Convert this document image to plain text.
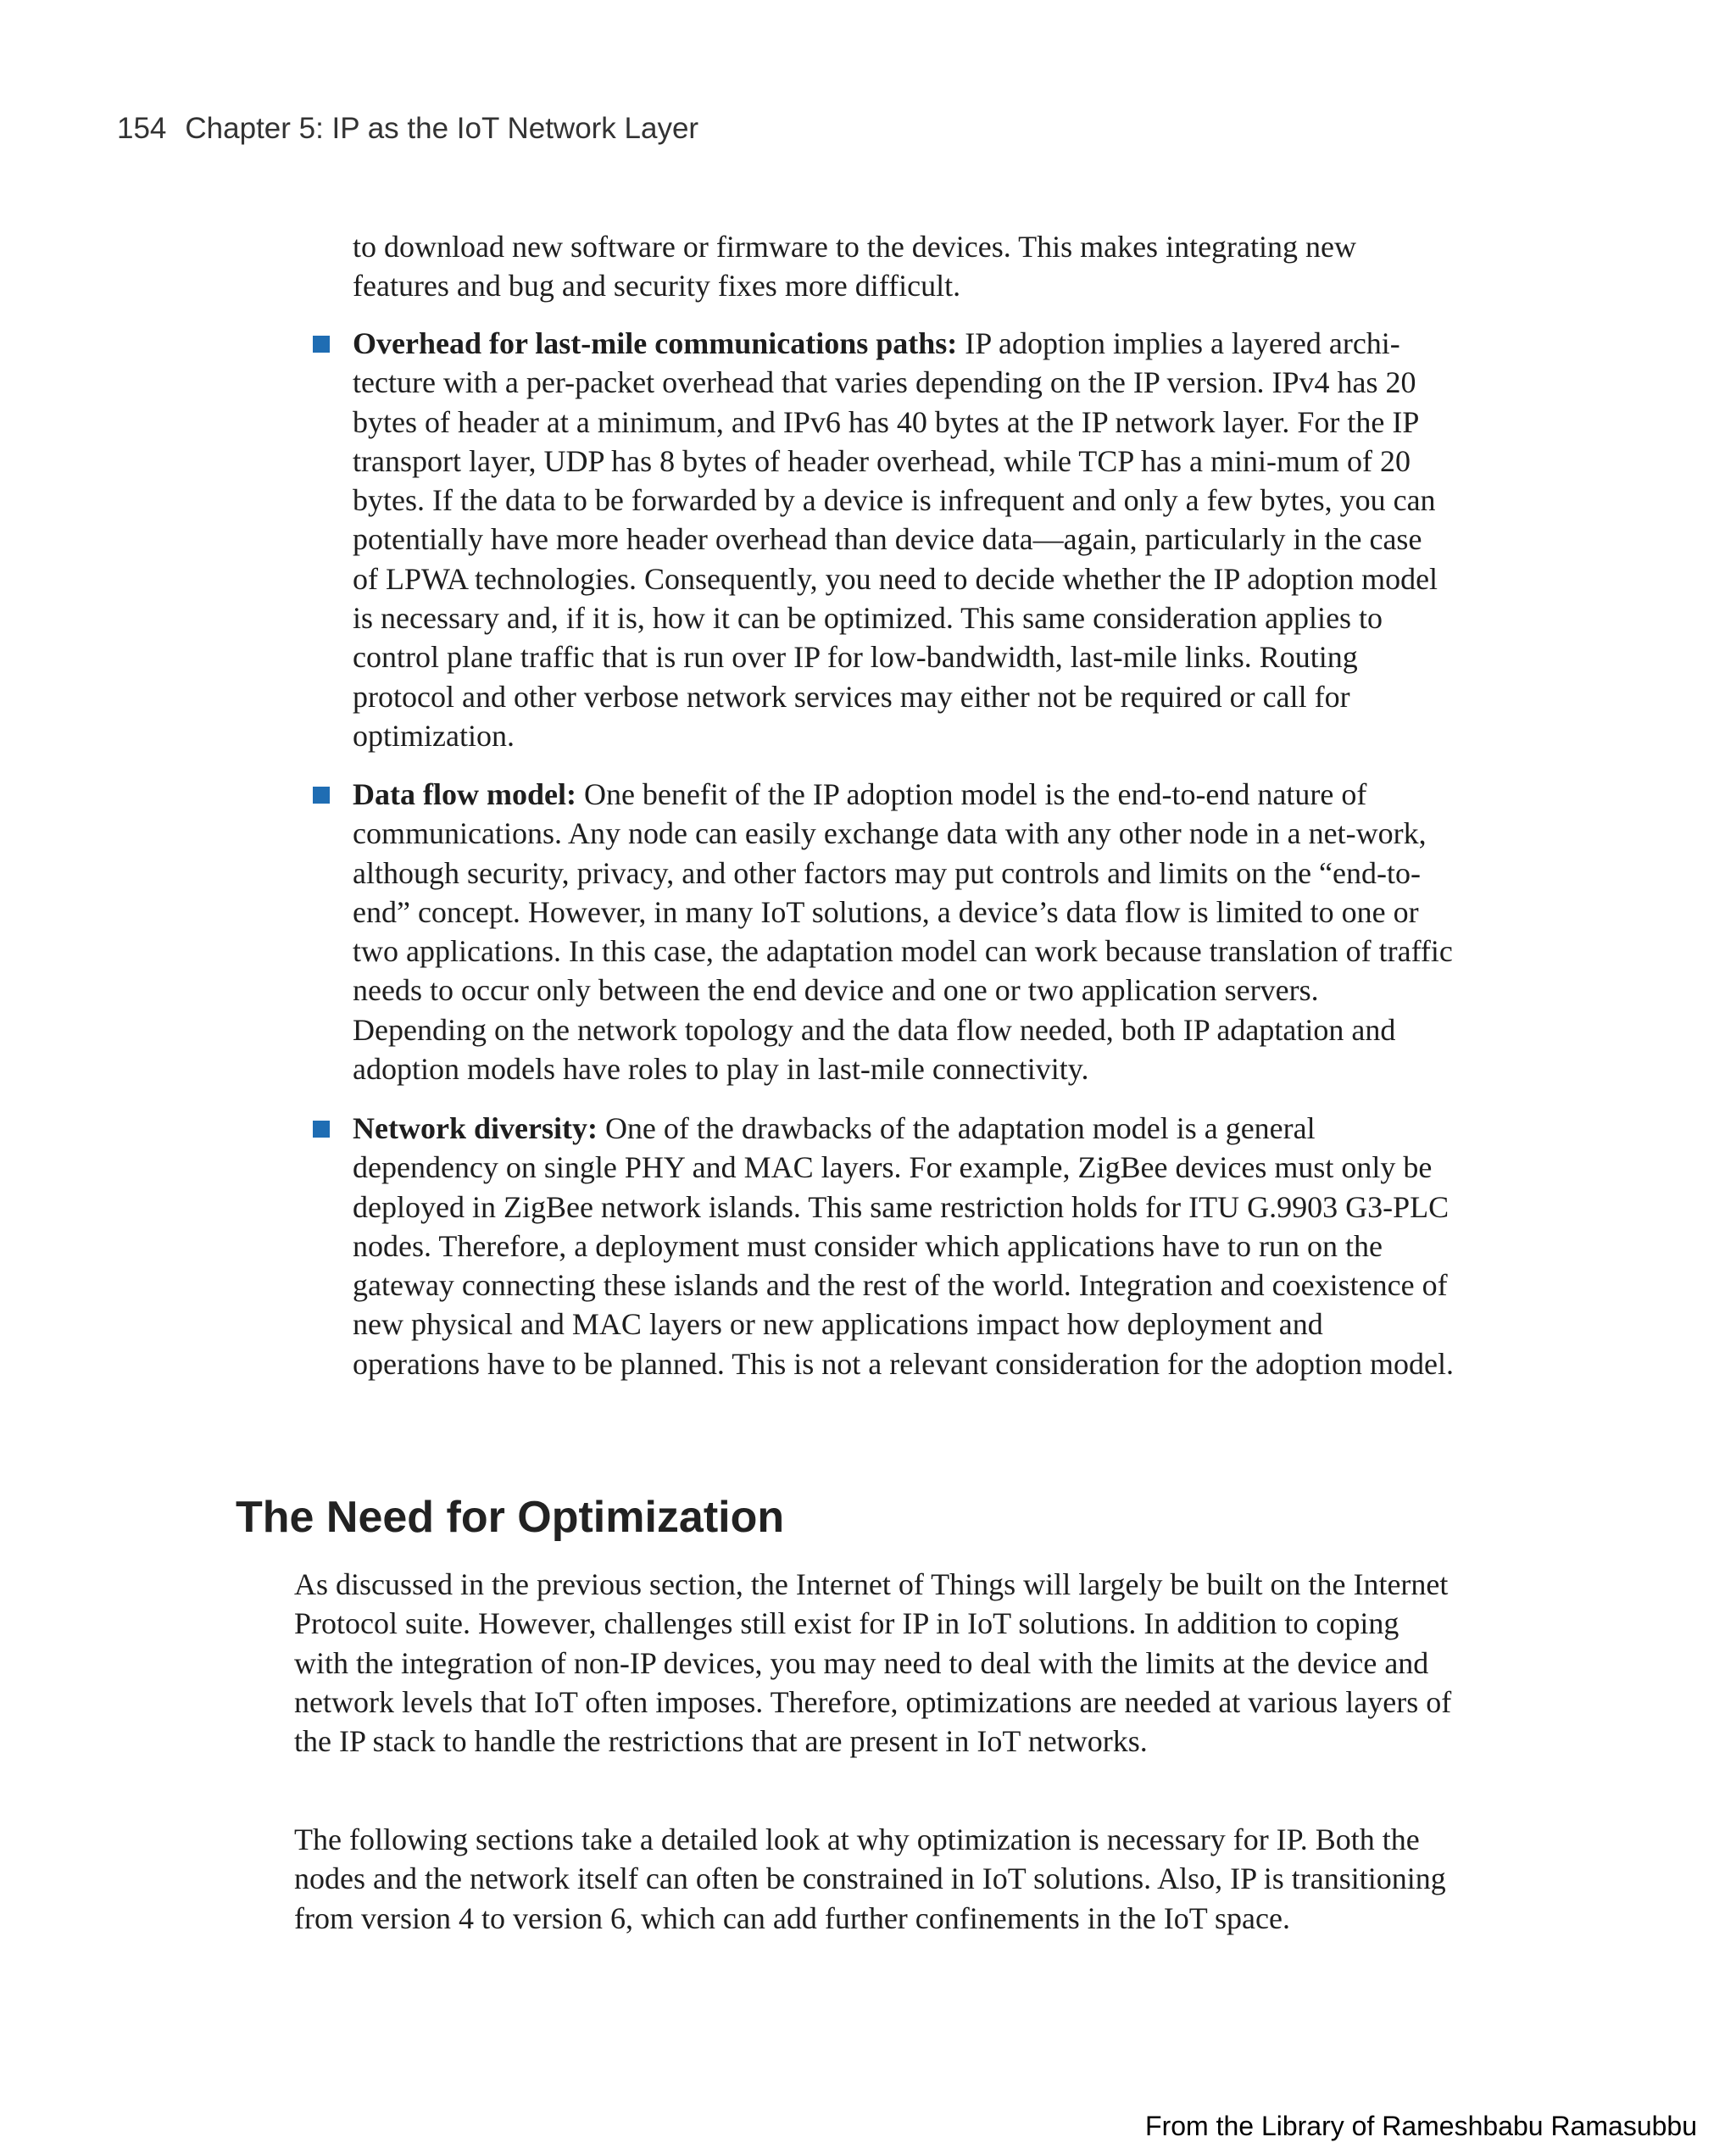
154 Chapter 5: IP as the IoT Network Layer

to download new software or firmware to the devices. This makes integrating new features and bug and security fixes more difficult.

Overhead for last-mile communications paths: IP adoption implies a layered archi-tecture with a per-packet overhead that varies depending on the IP version. IPv4 has 20 bytes of header at a minimum, and IPv6 has 40 bytes at the IP network layer. For the IP transport layer, UDP has 8 bytes of header overhead, while TCP has a mini-mum of 20 bytes. If the data to be forwarded by a device is infrequent and only a few bytes, you can potentially have more header overhead than device data—again, particularly in the case of LPWA technologies. Consequently, you need to decide whether the IP adoption model is necessary and, if it is, how it can be optimized. This same consideration applies to control plane traffic that is run over IP for low-bandwidth, last-mile links. Routing protocol and other verbose network services may either not be required or call for optimization.
Data flow model: One benefit of the IP adoption model is the end-to-end nature of communications. Any node can easily exchange data with any other node in a net-work, although security, privacy, and other factors may put controls and limits on the “end-to-end” concept. However, in many IoT solutions, a device’s data flow is limited to one or two applications. In this case, the adaptation model can work because translation of traffic needs to occur only between the end device and one or two application servers. Depending on the network topology and the data flow needed, both IP adaptation and adoption models have roles to play in last-mile connectivity.
Network diversity: One of the drawbacks of the adaptation model is a general dependency on single PHY and MAC layers. For example, ZigBee devices must only be deployed in ZigBee network islands. This same restriction holds for ITU G.9903 G3-PLC nodes. Therefore, a deployment must consider which applications have to run on the gateway connecting these islands and the rest of the world. Integration and coexistence of new physical and MAC layers or new applications impact how deployment and operations have to be planned. This is not a relevant consideration for the adoption model.
The Need for Optimization

As discussed in the previous section, the Internet of Things will largely be built on the Internet Protocol suite. However, challenges still exist for IP in IoT solutions. In addition to coping with the integration of non-IP devices, you may need to deal with the limits at the device and network levels that IoT often imposes. Therefore, optimizations are needed at various layers of the IP stack to handle the restrictions that are present in IoT networks.

The following sections take a detailed look at why optimization is necessary for IP. Both the nodes and the network itself can often be constrained in IoT solutions. Also, IP is transitioning from version 4 to version 6, which can add further confinements in the IoT space.

From the Library of Rameshbabu Ramasubbu
